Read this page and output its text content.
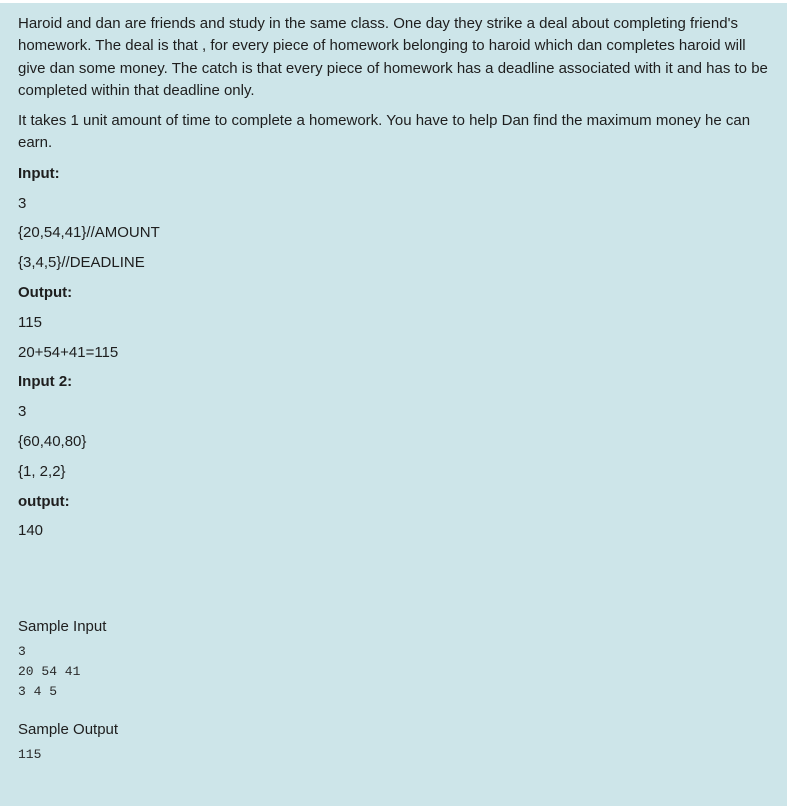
Haroid and dan are friends and study in the same class. One day they strike a deal about completing friend's homework. The deal is that , for every piece of homework belonging to haroid which dan completes haroid will give dan some money. The catch is that every piece of homework has a deadline associated with it and has to be completed within that deadline only.

It takes 1 unit amount of time to complete a homework. You have to help Dan find the maximum money he can earn.

Input:

3

{20,54,41}//AMOUNT

{3,4,5}//DEADLINE

Output:

115

20+54+41=115

Input 2:

3

{60,40,80}

{1, 2,2}

output:

140

Sample Input

3

20 54 41

3 4 5

Sample Output

115
